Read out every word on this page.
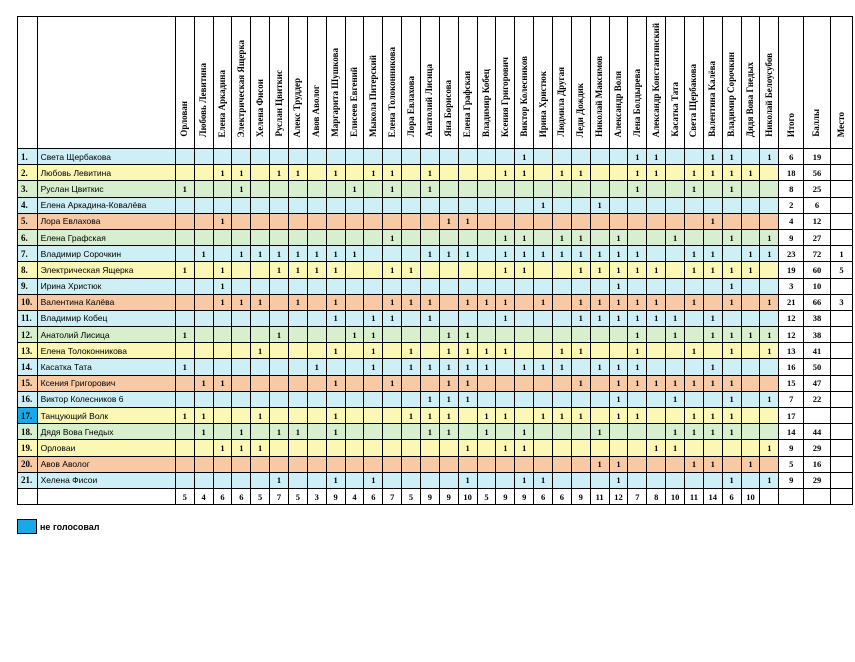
		Орлован	Любовь Левитина	Елена Аркадина	Электрическая Ящерка	Хелена Фисои	Руслан Цвиткис	Алекс Труддер	Авов Аволог	Маргарита Шушкова	Елисеев Евгений	Мыкола Питерский	Елена Толоконникова	Лора Евлахова	Анатолий Лисица	Яна Борисова	Елена Графская	Владимир Кобец	Ксения Григорович	Виктор Колесников	Ирина Христюк	Людмила Другая	Леди Дождик	Николай Максимов	Александр Воля	Лена Болдырева	Александр Константинский	Касатка Тата	Света Щербакова	Валентина Калёва	Владимир Сорочкин	Дядя Вова Гнедых	Николай Белоусубов	Итого	Баллы	Место
1.	Света Щербакова																			1						1	1			1	1		1	6	19	
2.	Любовь Левитина			1	1		1	1		1		1	1		1				1	1		1	1			1	1		1	1	1	1		18	56	
3.	Руслан Цвиткис	1			1						1		1		1											1			1		1			8	25	
4.	Елена Аркадина-Ковалёва																				1			1										2	6	
5.	Лора Евлахова			1												1	1													1				4	12	
6.	Елена Графская												1						1	1		1	1		1			1			1		1	9	27	
7.	Владимир Сорочкин		1		1	1	1	1	1	1	1				1	1	1		1	1	1	1	1	1	1	1			1	1		1	1	23	72	1
8.	Электрическая Ящерка	1		1			1	1	1	1			1	1					1	1			1	1	1	1	1		1	1	1	1		19	60	5
9.	Ирина Христюк			1																					1						1			3	10	
10.	Валентина Калёва			1	1	1		1		1			1	1	1		1	1	1		1		1	1	1	1	1		1		1		1	21	66	3
11.	Владимир Кобец									1		1	1		1				1				1	1	1	1	1	1		1				12	38	
12.	Анатолий Лисица	1					1				1	1				1	1									1		1		1	1	1	1	12	38	
13.	Елена Толоконникова					1				1		1		1		1	1	1	1			1	1			1			1		1		1	13	41	
14.	Касатка Тата	1							1			1		1	1	1	1	1		1	1	1		1	1	1				1				16	50	
15.	Ксения Григорович		1	1						1			1			1	1						1		1	1	1	1	1	1	1			15	47	
16.	Виктор Колесников 6														1	1	1								1			1			1		1	7	22	
17.	Танцующий Волк	1	1			1				1				1	1	1		1	1		1	1	1		1	1			1	1	1			17		
18.	Дядя Вова Гнедых		1		1		1	1		1					1	1		1		1				1				1	1	1	1			14	44	
19.	Орловаи			1	1	1											1		1	1							1	1					1	9	29	
20.	Авов Аволог																							1	1				1	1		1		5	16	
21.	Хелена Фисои						1			1		1					1			1	1				1						1		1	9	29	
		5	4	6	6	5	7	5	3	9	4	6	7	5	9	9	10	5	9	9	6	6	9	11	12	7	8	10	11	14	6	10				
не голосовал
